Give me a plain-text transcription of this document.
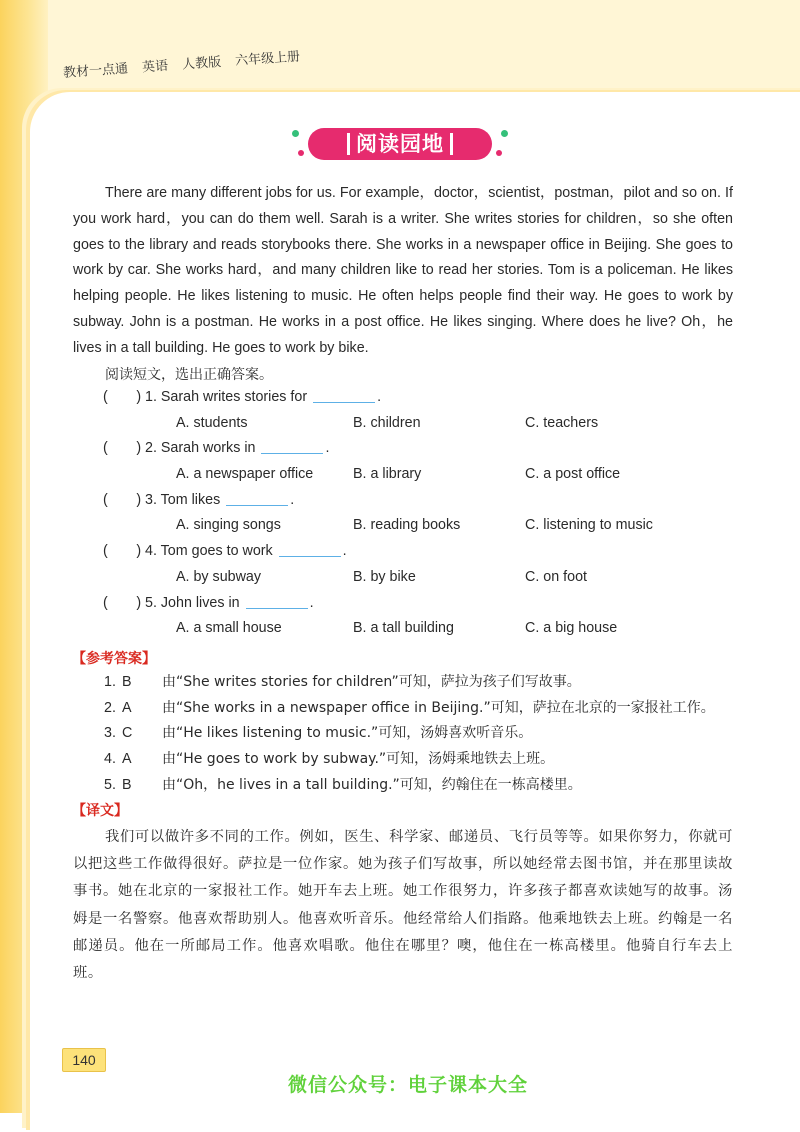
教材一点通 英语 人教版 六年级上册
阅读园地

There are many different jobs for us. For example，doctor，scientist，postman，pilot and so on. If you work hard，you can do them well. Sarah is a writer. She writes stories for children，so she often goes to the library and reads storybooks there. She works in a newspaper office in Beijing. She goes to work by car. She works hard，and many children like to read her stories. Tom is a policeman. He likes helping people. He likes listening to music. He often helps people find their way. He goes to work by subway. John is a postman. He works in a post office. He likes singing. Where does he live? Oh，he lives in a tall building. He goes to work by bike.

阅读短文，选出正确答案。
(　　) 1. Sarah writes stories for	.
A. students	B. children	C. teachers
(　　) 2. Sarah works in	.
A. a newspaper office	B. a library	C. a post office
(　　) 3. Tom likes	.
A. singing songs	B. reading books	C. listening to music
(　　) 4. Tom goes to work	.
A. by subway	B. by bike	C. on foot
(　　) 5. John lives in	.
A. a small house	B. a tall building	C. a big house
【参考答案】
1. B 由“She writes stories for children”可知，萨拉为孩子们写故事。
2. A 由“She works in a newspaper office in Beijing.”可知，萨拉在北京的一家报社工作。
3. C 由“He likes listening to music.”可知，汤姆喜欢听音乐。
4. A 由“He goes to work by subway.”可知，汤姆乘地铁去上班。
5. B 由“Oh，he lives in a tall building.”可知，约翰住在一栋高楼里。
【译文】

我们可以做许多不同的工作。例如，医生、科学家、邮递员、飞行员等等。如果你努力，你就可以把这些工作做得很好。萨拉是一位作家。她为孩子们写故事，所以她经常去图书馆，并在那里读故事书。她在北京的一家报社工作。她开车去上班。她工作很努力，许多孩子都喜欢读她写的故事。汤姆是一名警察。他喜欢帮助别人。他喜欢听音乐。他经常给人们指路。他乘地铁去上班。约翰是一名邮递员。他在一所邮局工作。他喜欢唱歌。他住在哪里？噢，他住在一栋高楼里。他骑自行车去上班。

140
微信公众号：电子课本大全
